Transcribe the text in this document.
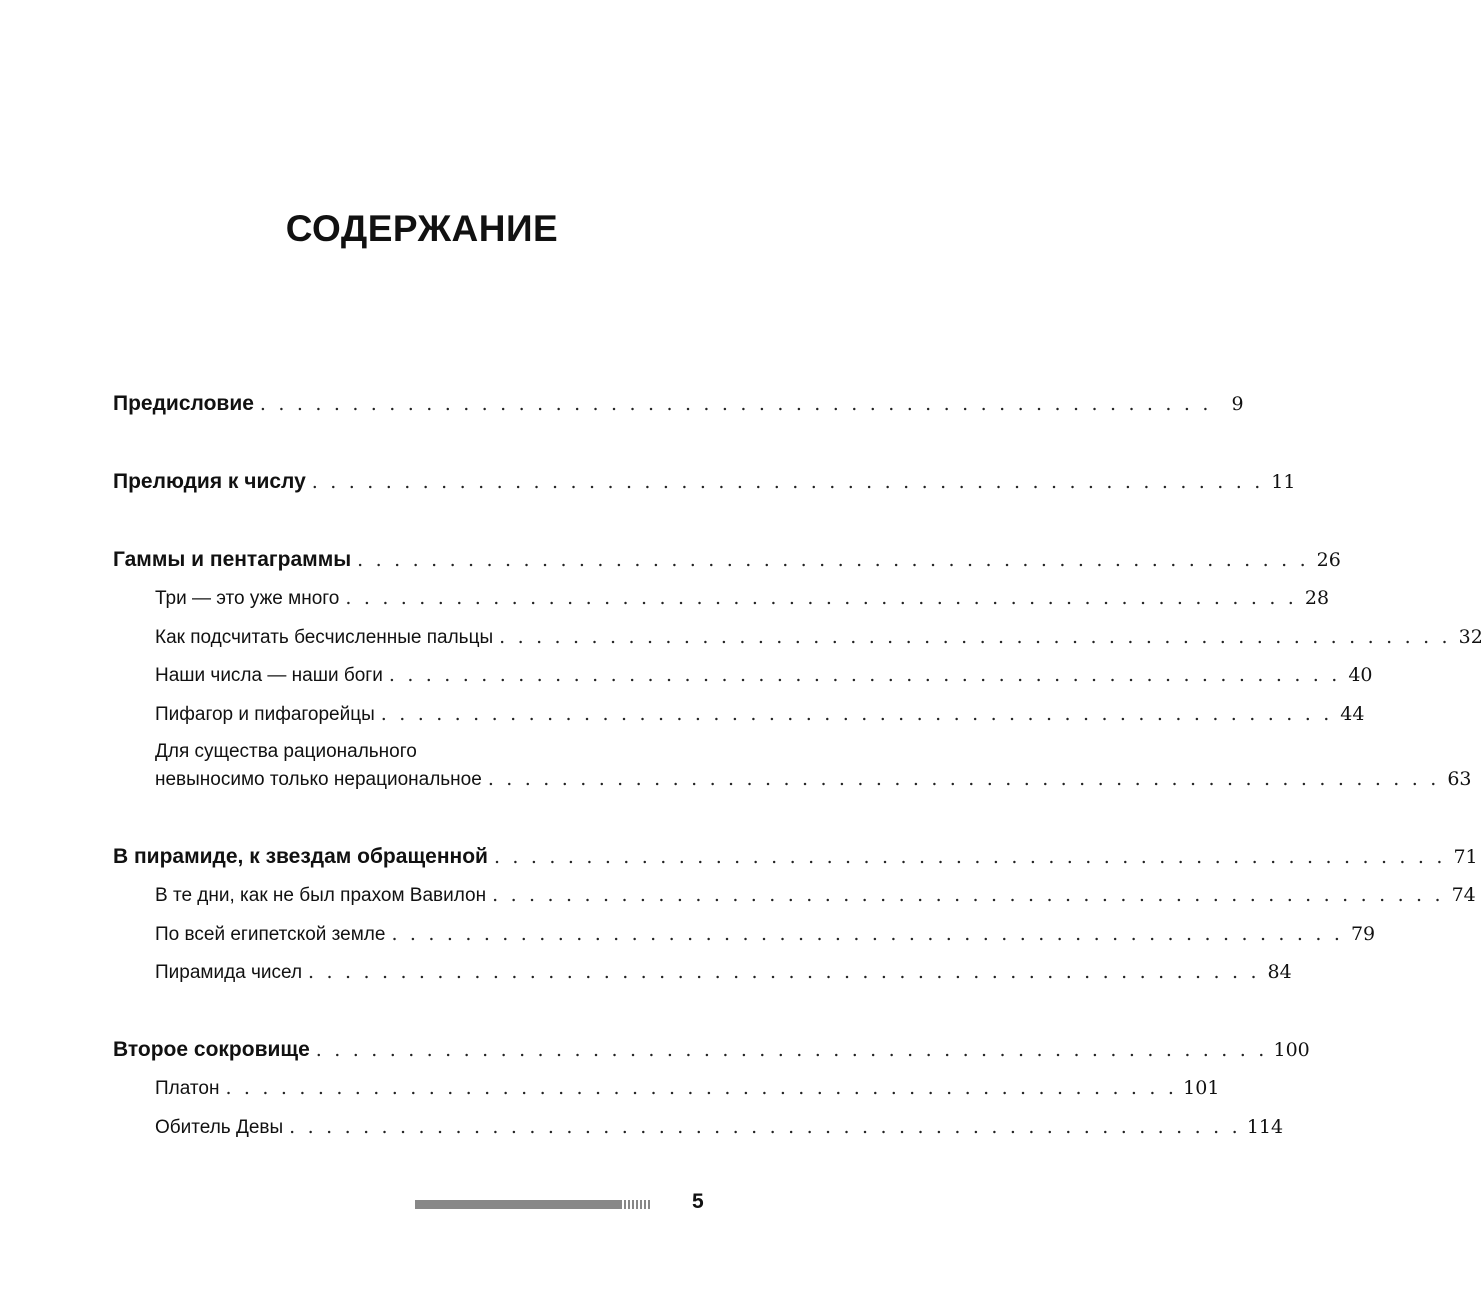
СОДЕРЖАНИЕ
Предисловие . . . . . . . . . . . . . . . . . . . . . . . . . . . . . . . . . . . . . . . . . . . . . . . . . . . .	9
Прелюдия к числу . . . . . . . . . . . . . . . . . . . . . . . . . . . . . . . . . . . . . . . . . . . . . . . . . . . . 11
Гаммы и пентаграммы . . . . . . . . . . . . . . . . . . . . . . . . . . . . . . . . . . . . . . . . . . . . . . . . . . . . 26
Три — это уже много . . . . . . . . . . . . . . . . . . . . . . . . . . . . . . . . . . . . . . . . . . . . . . . . . . . . 28
Как подсчитать бесчисленные пальцы . . . . . . . . . . . . . . . . . . . . . . . . . . . . . . . . . . . . . . . . . . . . . . . . . . . . 32
Наши числа — наши боги . . . . . . . . . . . . . . . . . . . . . . . . . . . . . . . . . . . . . . . . . . . . . . . . . . . . 40
Пифагор и пифагорейцы . . . . . . . . . . . . . . . . . . . . . . . . . . . . . . . . . . . . . . . . . . . . . . . . . . . . 44
Для существа рационального
невыносимо только нерациональное . . . . . . . . . . . . . . . . . . . . . . . . . . . . . . . . . . . . . . . . . . . . . . . . . . . . 63
В пирамиде, к звездам обращенной . . . . . . . . . . . . . . . . . . . . . . . . . . . . . . . . . . . . . . . . . . . . . . . . . . . . 71
В те дни, как не был прахом Вавилон . . . . . . . . . . . . . . . . . . . . . . . . . . . . . . . . . . . . . . . . . . . . . . . . . . . . 74
По всей египетской земле . . . . . . . . . . . . . . . . . . . . . . . . . . . . . . . . . . . . . . . . . . . . . . . . . . . . 79
Пирамида чисел . . . . . . . . . . . . . . . . . . . . . . . . . . . . . . . . . . . . . . . . . . . . . . . . . . . . 84
Второе сокровище . . . . . . . . . . . . . . . . . . . . . . . . . . . . . . . . . . . . . . . . . . . . . . . . . . . . 100
Платон . . . . . . . . . . . . . . . . . . . . . . . . . . . . . . . . . . . . . . . . . . . . . . . . . . . . 101
Обитель Девы . . . . . . . . . . . . . . . . . . . . . . . . . . . . . . . . . . . . . . . . . . . . . . . . . . . . 114
5
